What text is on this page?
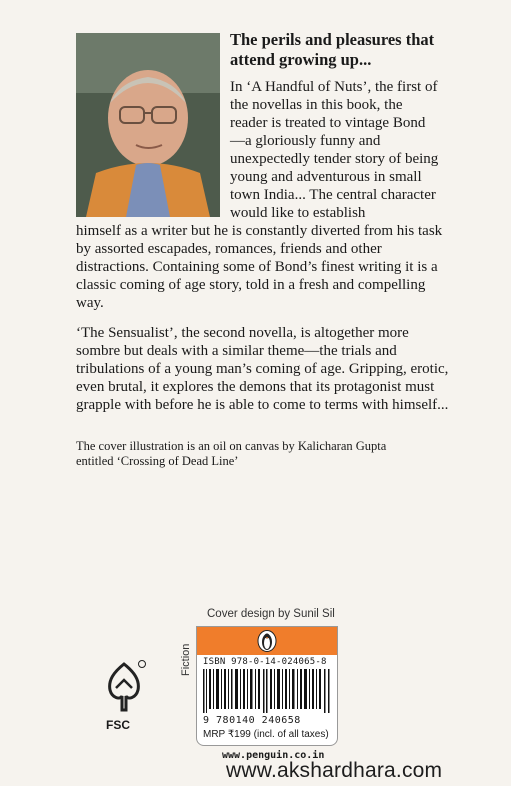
The perils and pleasures that attend growing up...
In ‘A Handful of Nuts’, the first of the novellas in this book, the reader is treated to vintage Bond —a gloriously funny and unexpectedly tender story of being young and adventurous in small town India... The central character would like to establish
himself as a writer but he is constantly diverted from his task by assorted escapades, romances, friends and other distractions. Containing some of Bond’s finest writing it is a classic coming of age story, told in a fresh and compelling way.
‘The Sensualist’, the second novella, is altogether more sombre but deals with a similar theme—the trials and tribulations of a young man’s coming of age. Gripping, erotic, even brutal, it explores the demons that its protagonist must grapple with before he is able to come to terms with himself...
The cover illustration is an oil on canvas by Kalicharan Gupta entitled ‘Crossing of Dead Line’
Cover design by Sunil Sil
FSC
Fiction ISBN 978-0-14-024065-8
9 780140 240658
MRP ₹199 (incl. of all taxes)
www.penguin.co.in
www.akshardhara.com
